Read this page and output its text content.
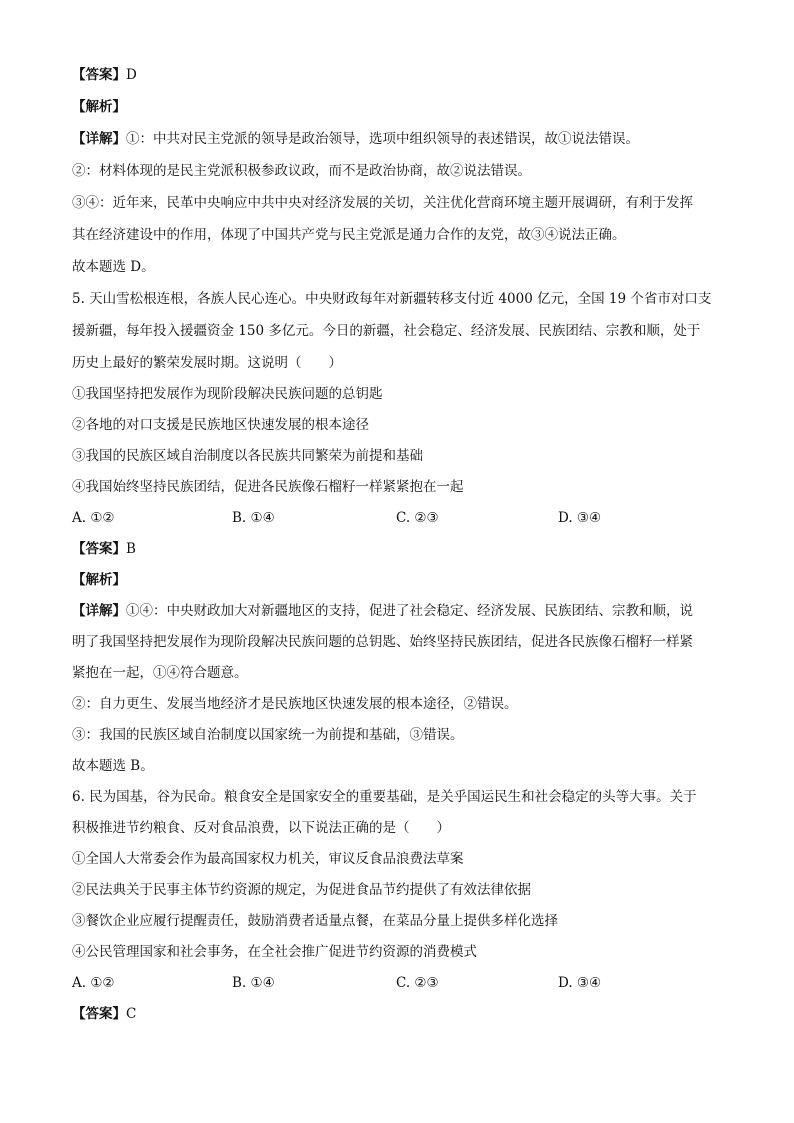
【答案】D
【解析】
【详解】①：中共对民主党派的领导是政治领导，选项中组织领导的表述错误，故①说法错误。
②：材料体现的是民主党派积极参政议政，而不是政治协商，故②说法错误。
③④：近年来，民革中央响应中共中央对经济发展的关切，关注优化营商环境主题开展调研，有利于发挥
其在经济建设中的作用，体现了中国共产党与民主党派是通力合作的友党，故③④说法正确。
故本题选 D。
5. 天山雪松根连根，各族人民心连心。中央财政每年对新疆转移支付近 4000 亿元，全国 19 个省市对口支
援新疆，每年投入援疆资金 150 多亿元。今日的新疆，社会稳定、经济发展、民族团结、宗教和顺，处于
历史上最好的繁荣发展时期。这说明（　　）
①我国坚持把发展作为现阶段解决民族问题的总钥匙
②各地的对口支援是民族地区快速发展的根本途径
③我国的民族区域自治制度以各民族共同繁荣为前提和基础
④我国始终坚持民族团结，促进各民族像石榴籽一样紧紧抱在一起
A. ①②	B. ①④	C. ②③	D. ③④
【答案】B
【解析】
【详解】①④：中央财政加大对新疆地区的支持，促进了社会稳定、经济发展、民族团结、宗教和顺，说
明了我国坚持把发展作为现阶段解决民族问题的总钥匙、始终坚持民族团结，促进各民族像石榴籽一样紧
紧抱在一起，①④符合题意。
②：自力更生、发展当地经济才是民族地区快速发展的根本途径，②错误。
③：我国的民族区域自治制度以国家统一为前提和基础，③错误。
故本题选 B。
6. 民为国基，谷为民命。粮食安全是国家安全的重要基础，是关乎国运民生和社会稳定的头等大事。关于
积极推进节约粮食、反对食品浪费，以下说法正确的是（　　）
①全国人大常委会作为最高国家权力机关，审议反食品浪费法草案
②民法典关于民事主体节约资源的规定，为促进食品节约提供了有效法律依据
③餐饮企业应履行提醒责任，鼓励消费者适量点餐，在菜品分量上提供多样化选择
④公民管理国家和社会事务，在全社会推广促进节约资源的消费模式
A. ①②	B. ①④	C. ②③	D. ③④
【答案】C
